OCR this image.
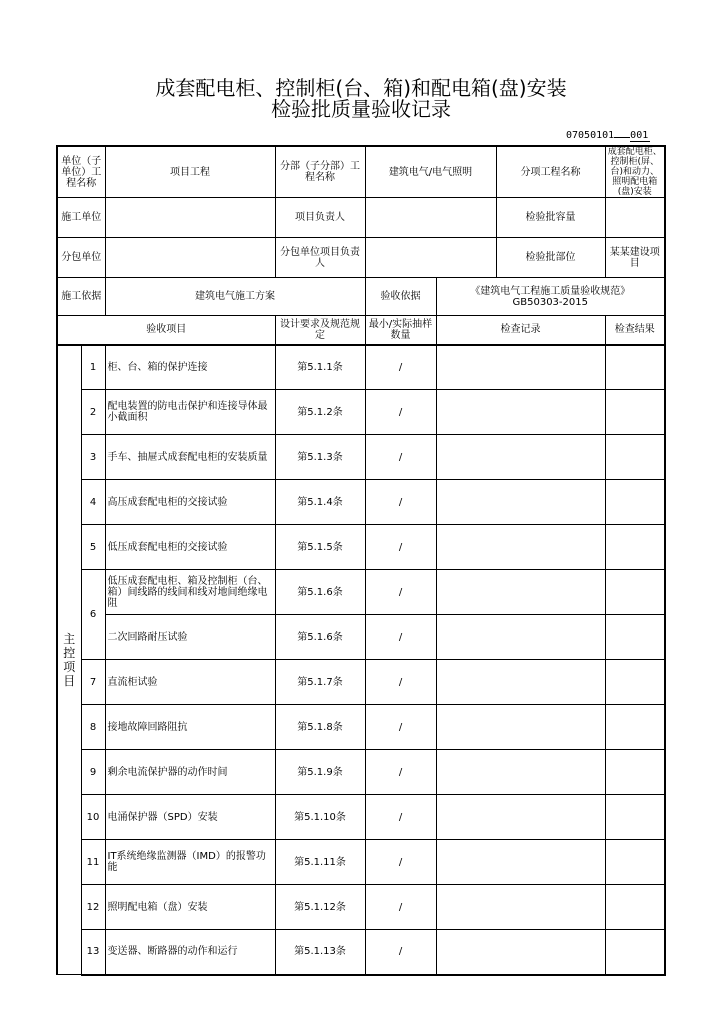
成套配电柜、控制柜(台、箱)和配电箱(盘)安装
检验批质量验收记录
07050101 001
单位（子单位）工程名称		项目工程	分部（子分部）工程名称	建筑电气/电气照明		分项工程名称	成套配电柜、控制柜(屏、台)和动力、照明配电箱(盘)安装
施工单位			项目负责人			检验批容量	
分包单位			分包单位项目负责人			检验批部位	某某建设项目
施工依据		建筑电气施工方案		验收依据	《建筑电气工程施工质量验收规范》
GB50303-2015		

验收项目			设计要求及规范规定	最小/实际抽样数量	检查记录		检查结果

主控项目	1	柜、台、箱的保护连接	第5.1.1条	/			
	2	配电装置的防电击保护和连接导体最小截面积	第5.1.2条	/			
	3	手车、抽屉式成套配电柜的安装质量	第5.1.3条	/			
	4	高压成套配电柜的交接试验	第5.1.4条	/			
	5	低压成套配电柜的交接试验	第5.1.5条	/			
	6	低压成套配电柜、箱及控制柜（台、箱）间线路的线间和线对地间绝缘电阻	第5.1.6条	/			
		二次回路耐压试验	第5.1.6条	/			
	7	直流柜试验	第5.1.7条	/			
	8	接地故障回路阻抗	第5.1.8条	/			
	9	剩余电流保护器的动作时间	第5.1.9条	/			
	10	电涌保护器（SPD）安装	第5.1.10条	/			
	11	IT系统绝缘监测器（IMD）的报警功能	第5.1.11条	/			
	12	照明配电箱（盘）安装	第5.1.12条	/			
	13	变送器、断路器的动作和运行	第5.1.13条	/			
